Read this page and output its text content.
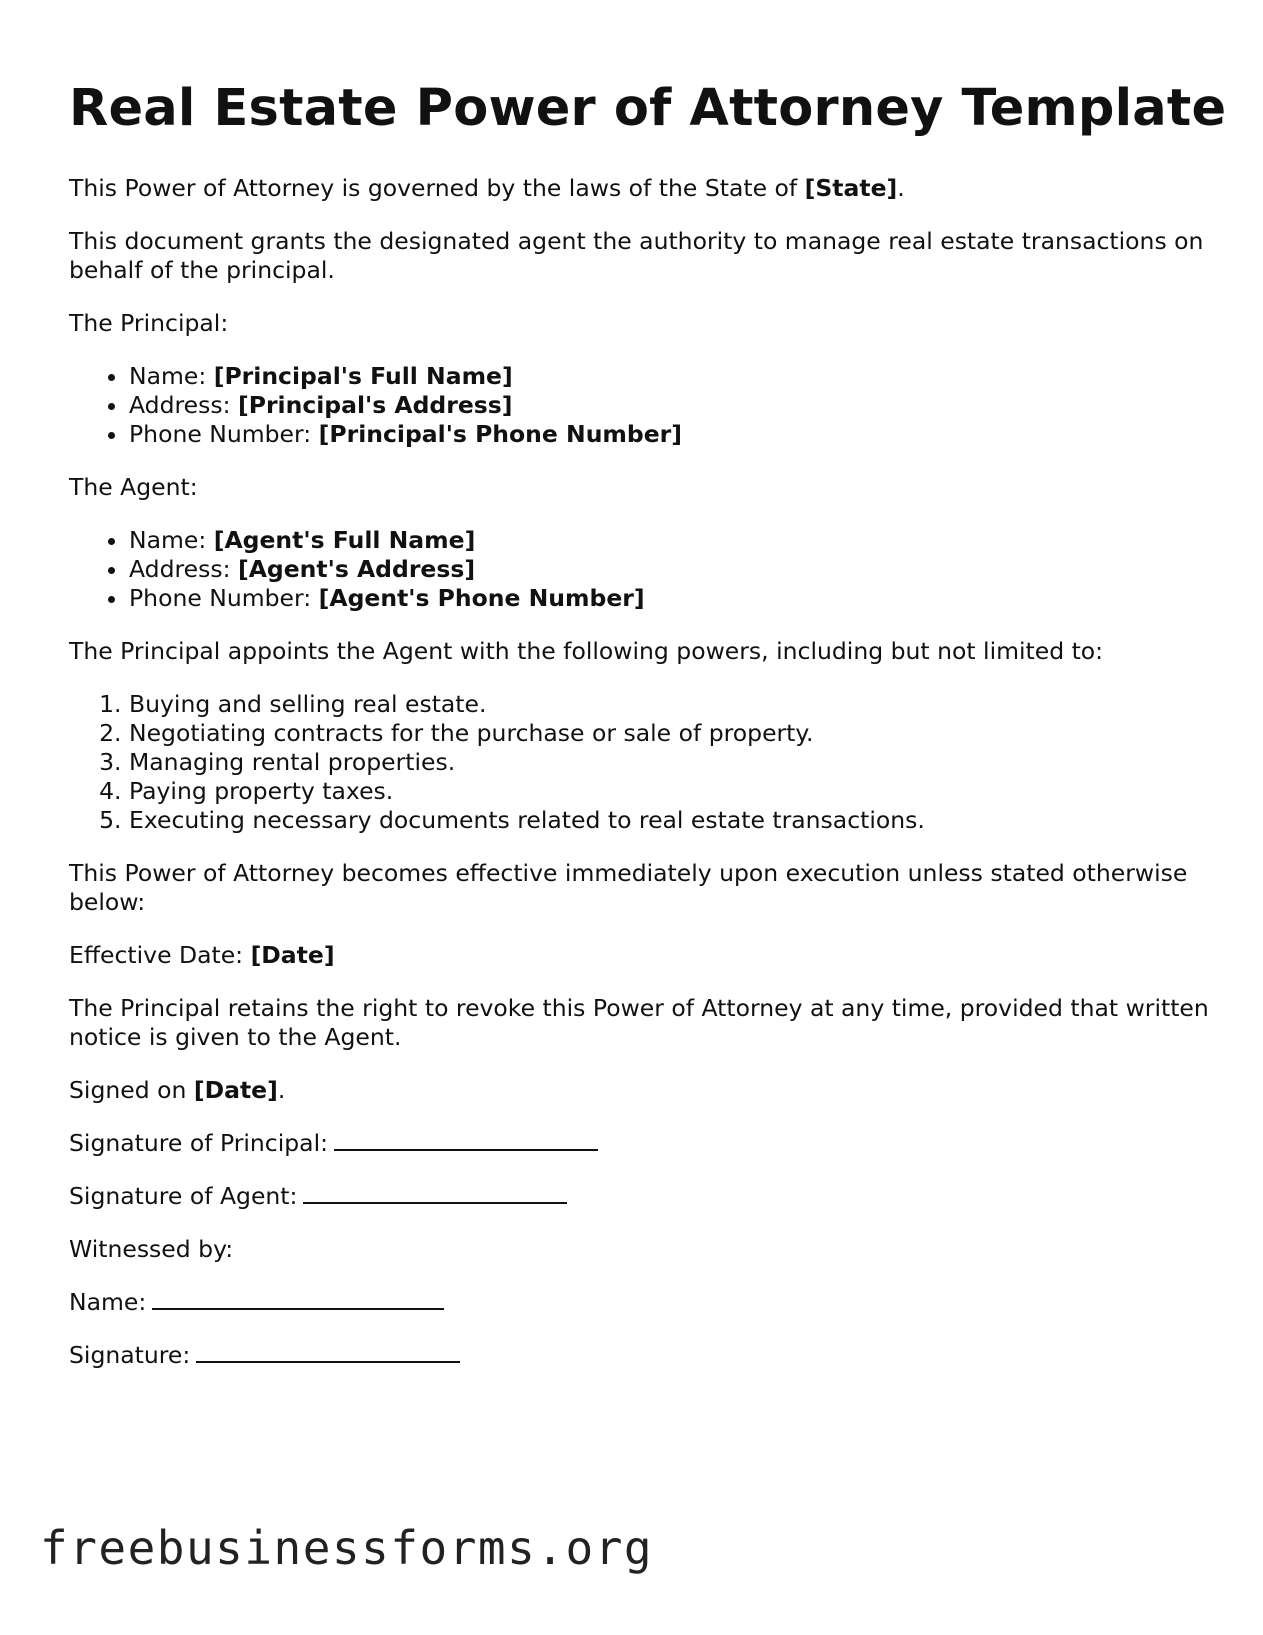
Real Estate Power of Attorney Template

This Power of Attorney is governed by the laws of the State of [State].

This document grants the designated agent the authority to manage real estate transactions on behalf of the principal.

The Principal:

• Name: [Principal's Full Name]
• Address: [Principal's Address]
• Phone Number: [Principal's Phone Number]

The Agent:

• Name: [Agent's Full Name]
• Address: [Agent's Address]
• Phone Number: [Agent's Phone Number]

The Principal appoints the Agent with the following powers, including but not limited to:

1. Buying and selling real estate.
2. Negotiating contracts for the purchase or sale of property.
3. Managing rental properties.
4. Paying property taxes.
5. Executing necessary documents related to real estate transactions.

This Power of Attorney becomes effective immediately upon execution unless stated otherwise below:

Effective Date: [Date]

The Principal retains the right to revoke this Power of Attorney at any time, provided that written notice is given to the Agent.

Signed on [Date].

Signature of Principal:

Signature of Agent:

Witnessed by:

Name:

Signature:

freebusinessforms.org
